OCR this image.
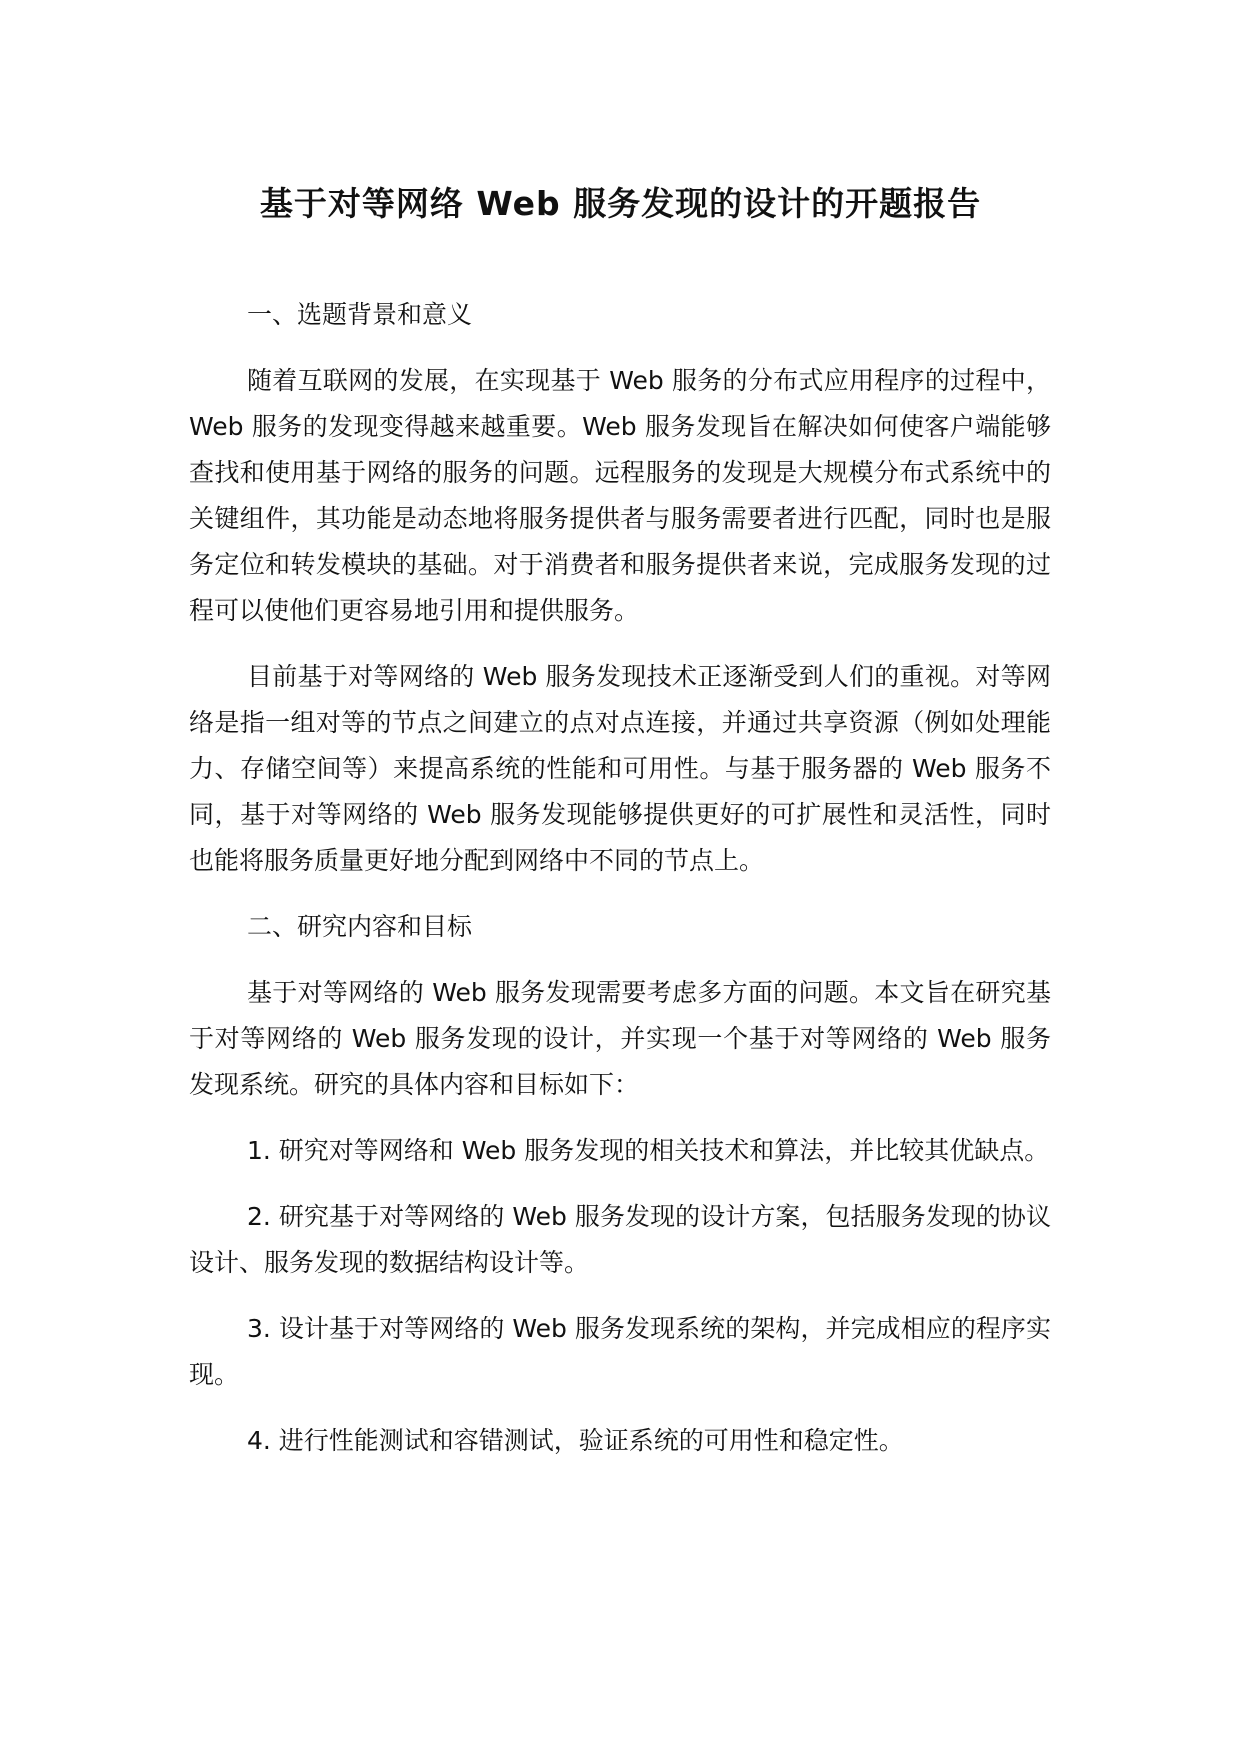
基于对等网络 Web 服务发现的设计的开题报告

一、选题背景和意义

随着互联网的发展，在实现基于 Web 服务的分布式应用程序的过程中，Web 服务的发现变得越来越重要。Web 服务发现旨在解决如何使客户端能够查找和使用基于网络的服务的问题。远程服务的发现是大规模分布式系统中的关键组件，其功能是动态地将服务提供者与服务需要者进行匹配，同时也是服务定位和转发模块的基础。对于消费者和服务提供者来说，完成服务发现的过程可以使他们更容易地引用和提供服务。

目前基于对等网络的 Web 服务发现技术正逐渐受到人们的重视。对等网络是指一组对等的节点之间建立的点对点连接，并通过共享资源（例如处理能力、存储空间等）来提高系统的性能和可用性。与基于服务器的 Web 服务不同，基于对等网络的 Web 服务发现能够提供更好的可扩展性和灵活性，同时也能将服务质量更好地分配到网络中不同的节点上。

二、研究内容和目标

基于对等网络的 Web 服务发现需要考虑多方面的问题。本文旨在研究基于对等网络的 Web 服务发现的设计，并实现一个基于对等网络的 Web 服务发现系统。研究的具体内容和目标如下：

1. 研究对等网络和 Web 服务发现的相关技术和算法，并比较其优缺点。

2. 研究基于对等网络的 Web 服务发现的设计方案，包括服务发现的协议设计、服务发现的数据结构设计等。

3. 设计基于对等网络的 Web 服务发现系统的架构，并完成相应的程序实现。

4. 进行性能测试和容错测试，验证系统的可用性和稳定性。
